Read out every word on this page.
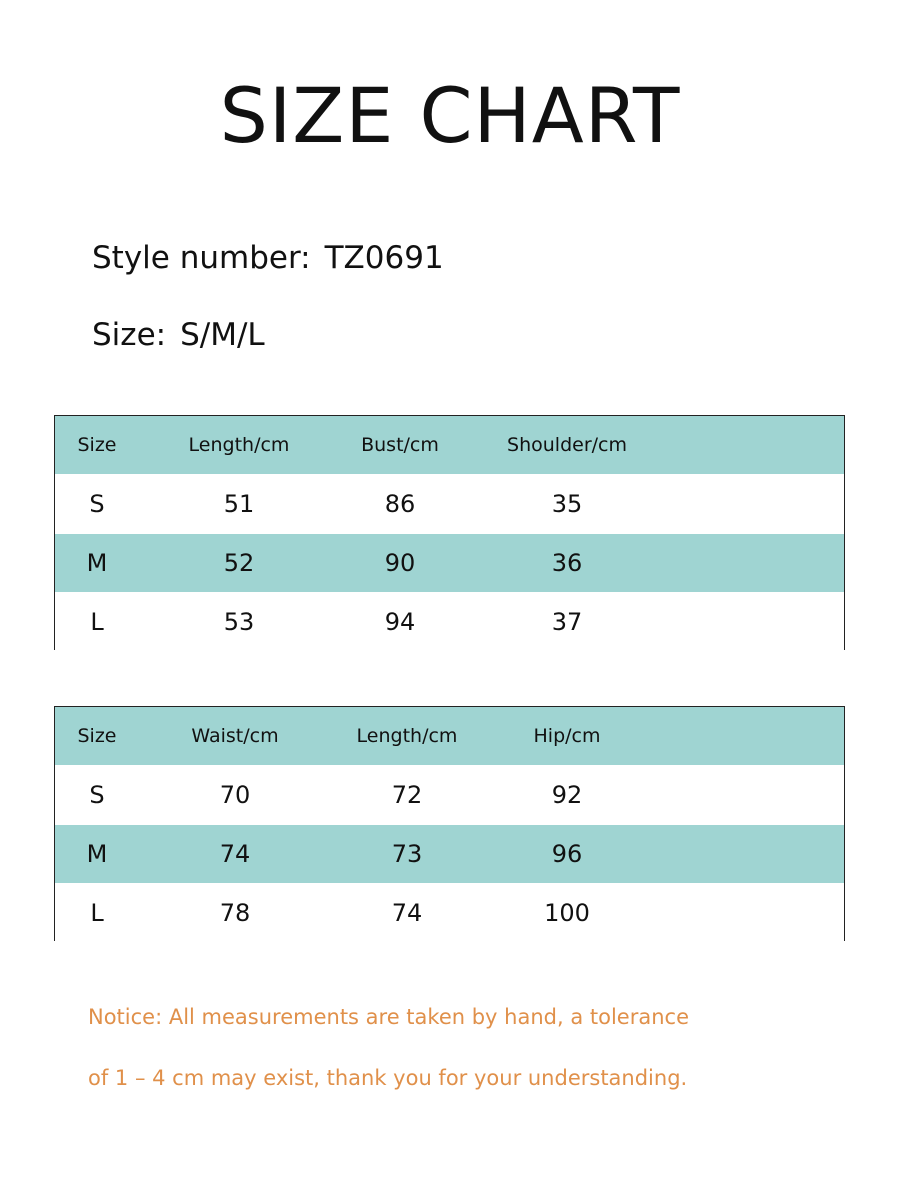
SIZE CHART
Style number: TZ0691
Size: S/M/L
Size	Length/cm	Bust/cm	Shoulder/cm
S	51	86	35
M	52	90	36
L	53	94	37
Size	Waist/cm	Length/cm	Hip/cm
S	70	72	92
M	74	73	96
L	78	74	100
Notice: All measurements are taken by hand, a tolerance
of 1 – 4 cm may exist, thank you for your understanding.
